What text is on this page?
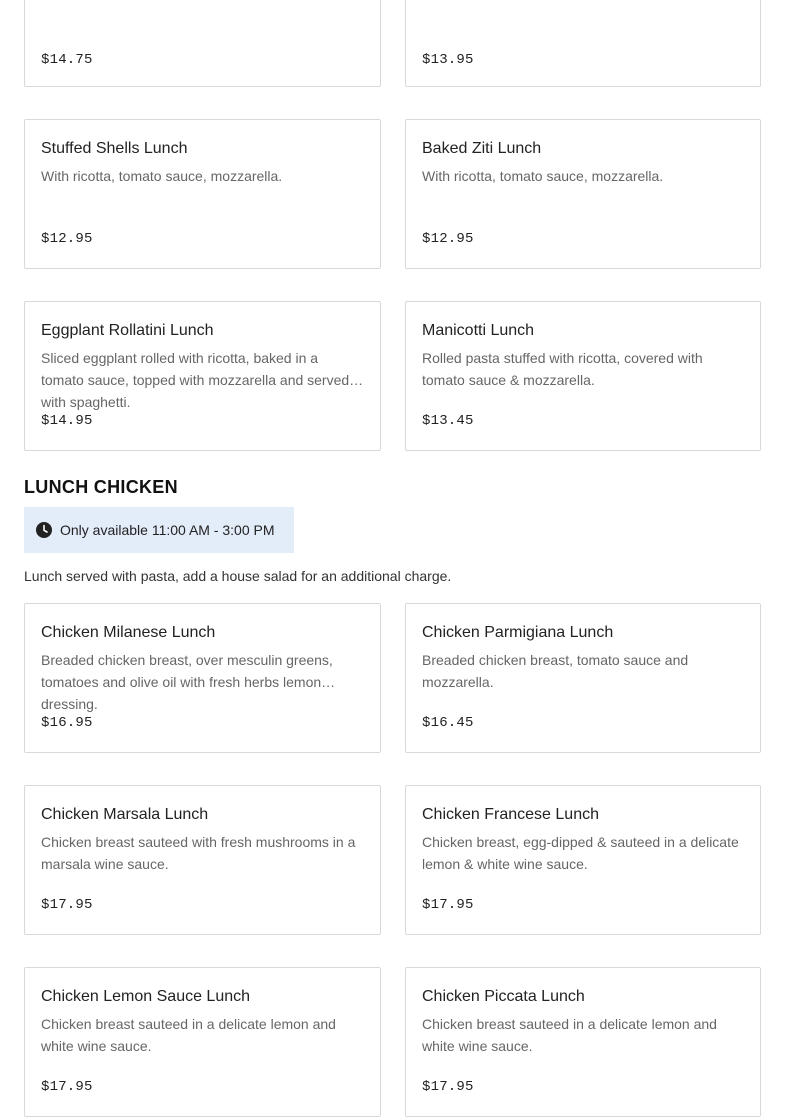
$14.75	$13.95
Stuffed Shells Lunch
With ricotta, tomato sauce, mozzarella.
$12.95
Baked Ziti Lunch
With ricotta, tomato sauce, mozzarella.
$12.95
Eggplant Rollatini Lunch
Sliced eggplant rolled with ricotta, baked in a tomato sauce, topped with mozzarella and served with spaghetti.
$14.95
Manicotti Lunch
Rolled pasta stuffed with ricotta, covered with tomato sauce & mozzarella.
$13.45
LUNCH CHICKEN
Only available 11:00 AM - 3:00 PM
Lunch served with pasta, add a house salad for an additional charge.
Chicken Milanese Lunch
Breaded chicken breast, over mesculin greens, tomatoes and olive oil with fresh herbs lemon dressing.
$16.95
Chicken Parmigiana Lunch
Breaded chicken breast, tomato sauce and mozzarella.
$16.45
Chicken Marsala Lunch
Chicken breast sauteed with fresh mushrooms in a marsala wine sauce.
$17.95
Chicken Francese Lunch
Chicken breast, egg-dipped & sauteed in a delicate lemon & white wine sauce.
$17.95
Chicken Lemon Sauce Lunch
Chicken breast sauteed in a delicate lemon and white wine sauce.
$17.95
Chicken Piccata Lunch
Chicken breast sauteed in a delicate lemon and white wine sauce.
$17.95
